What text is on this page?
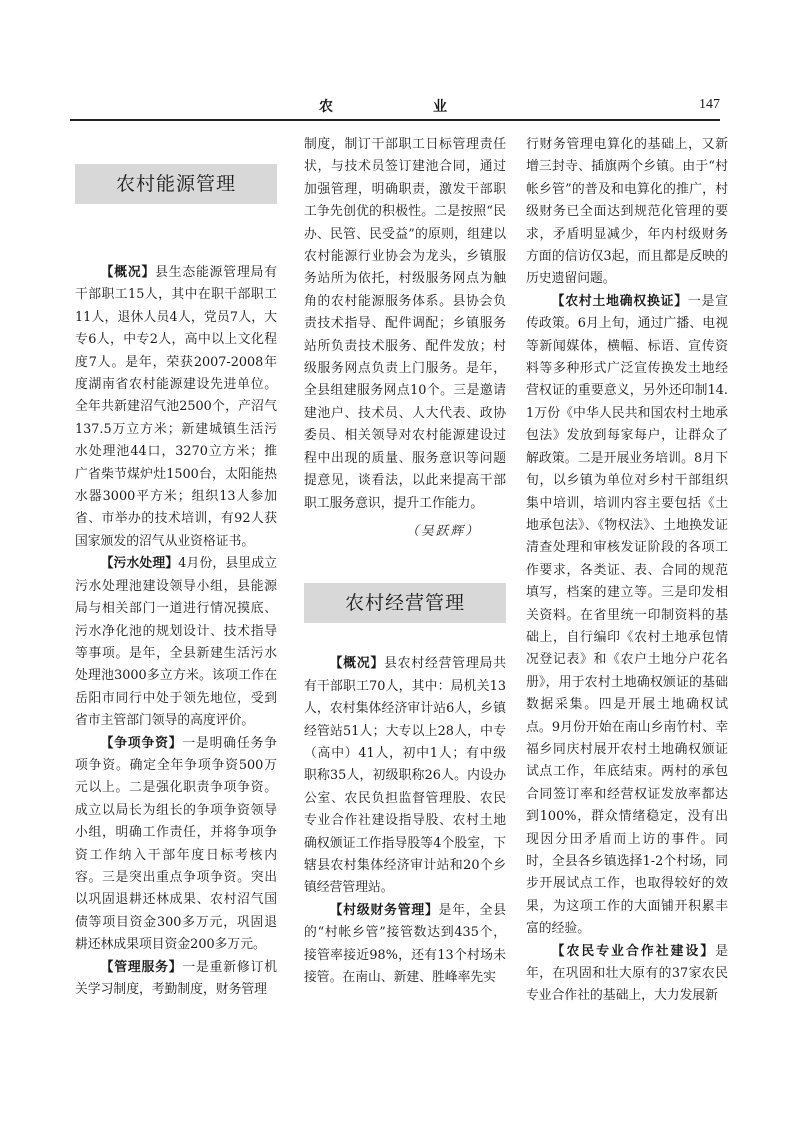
农　　业	147
农村能源管理

【概况】县生态能源管理局有干部职工15人，其中在职干部职工11人，退休人员4人，党员7人，大专6人，中专2人，高中以上文化程度7人。是年，荣获2007-2008年度湖南省农村能源建设先进单位。全年共新建沼气池2500个，产沼气137.5万立方米；新建城镇生活污水处理池44口，3270立方米；推广省柴节煤炉灶1500台，太阳能热水器3000平方米；组织13人参加省、市举办的技术培训，有92人获国家颁发的沼气从业资格证书。

【污水处理】4月份，县里成立污水处理池建设领导小组，县能源局与相关部门一道进行情况摸底、污水净化池的规划设计、技术指导等事项。是年，全县新建生活污水处理池3000多立方米。该项工作在岳阳市同行中处于领先地位，受到省市主管部门领导的高度评价。

【争项争资】一是明确任务争项争资。确定全年争项争资500万元以上。二是强化职责争项争资。成立以局长为组长的争项争资领导小组，明确工作责任，并将争项争资工作纳入干部年度日标考核内容。三是突出重点争项争资。突出以巩固退耕还林成果、农村沼气国债等项目资金300多万元，巩固退耕还林成果项目资金200多万元。

【管理服务】一是重新修订机关学习制度，考勤制度，财务管理

制度，制订干部职工日标管理责任状，与技术员签订建池合同，通过加强管理，明确职责，激发干部职工争先创优的积极性。二是按照“民办、民管、民受益”的原则，组建以农村能源行业协会为龙头，乡镇服务站所为依托，村级服务网点为触角的农村能源服务体系。县协会负责技术指导、配件调配；乡镇服务站所负责技术服务、配件发放；村级服务网点负责上门服务。是年，全县组建服务网点10个。三是邀请建池户、技术员、人大代表、政协委员、相关领导对农村能源建设过程中出现的质量、服务意识等问题提意见，谈看法，以此来提高干部职工服务意识，提升工作能力。

（吴跃辉）
农村经营管理

【概况】县农村经营管理局共有干部职工70人，其中：局机关13人，农村集体经济审计站6人，乡镇经管站51人；大专以上28人，中专（高中）41人，初中1人；有中级职称35人，初级职称26人。内设办公室、农民负担监督管理股、农民专业合作社建设指导股、农村土地确权颁证工作指导股等4个股室，下辖县农村集体经济审计站和20个乡镇经营管理站。

【村级财务管理】是年，全县的“村帐乡管”接管数达到435个，接管率接近98%，还有13个村场未接管。在南山、新建、胜峰率先实

行财务管理电算化的基础上，又新增三封寺、插旗两个乡镇。由于“村帐乡管”的普及和电算化的推广，村级财务已全面达到规范化管理的要求，矛盾明显减少，年内村级财务方面的信访仅3起，而且都是反映的历史遗留问题。

【农村土地确权换证】一是宣传政策。6月上旬，通过广播、电视等新闻媒体，横幅、标语、宣传资料等多种形式广泛宣传换发土地经营权证的重要意义，另外还印制14.1万份《中华人民共和国农村土地承包法》发放到每家每户，让群众了解政策。二是开展业务培训。8月下旬，以乡镇为单位对乡村干部组织集中培训，培训内容主要包括《土地承包法》、《物权法》、土地换发证清查处理和审核发证阶段的各项工作要求，各类证、表、合同的规范填写，档案的建立等。三是印发相关资料。在省里统一印制资料的基础上，自行编印《农村土地承包情况登记表》和《农户土地分户花名册》，用于农村土地确权颁证的基础数据采集。四是开展土地确权试点。9月份开始在南山乡南竹村、幸福乡同庆村展开农村土地确权颁证试点工作，年底结束。两村的承包合同签订率和经营权证发放率都达到100%，群众情绪稳定，没有出现因分田矛盾而上访的事件。同时，全县各乡镇选择1-2个村场，同步开展试点工作，也取得较好的效果，为这项工作的大面铺开积累丰富的经验。

【农民专业合作社建设】是年，在巩固和壮大原有的37家农民专业合作社的基础上，大力发展新
